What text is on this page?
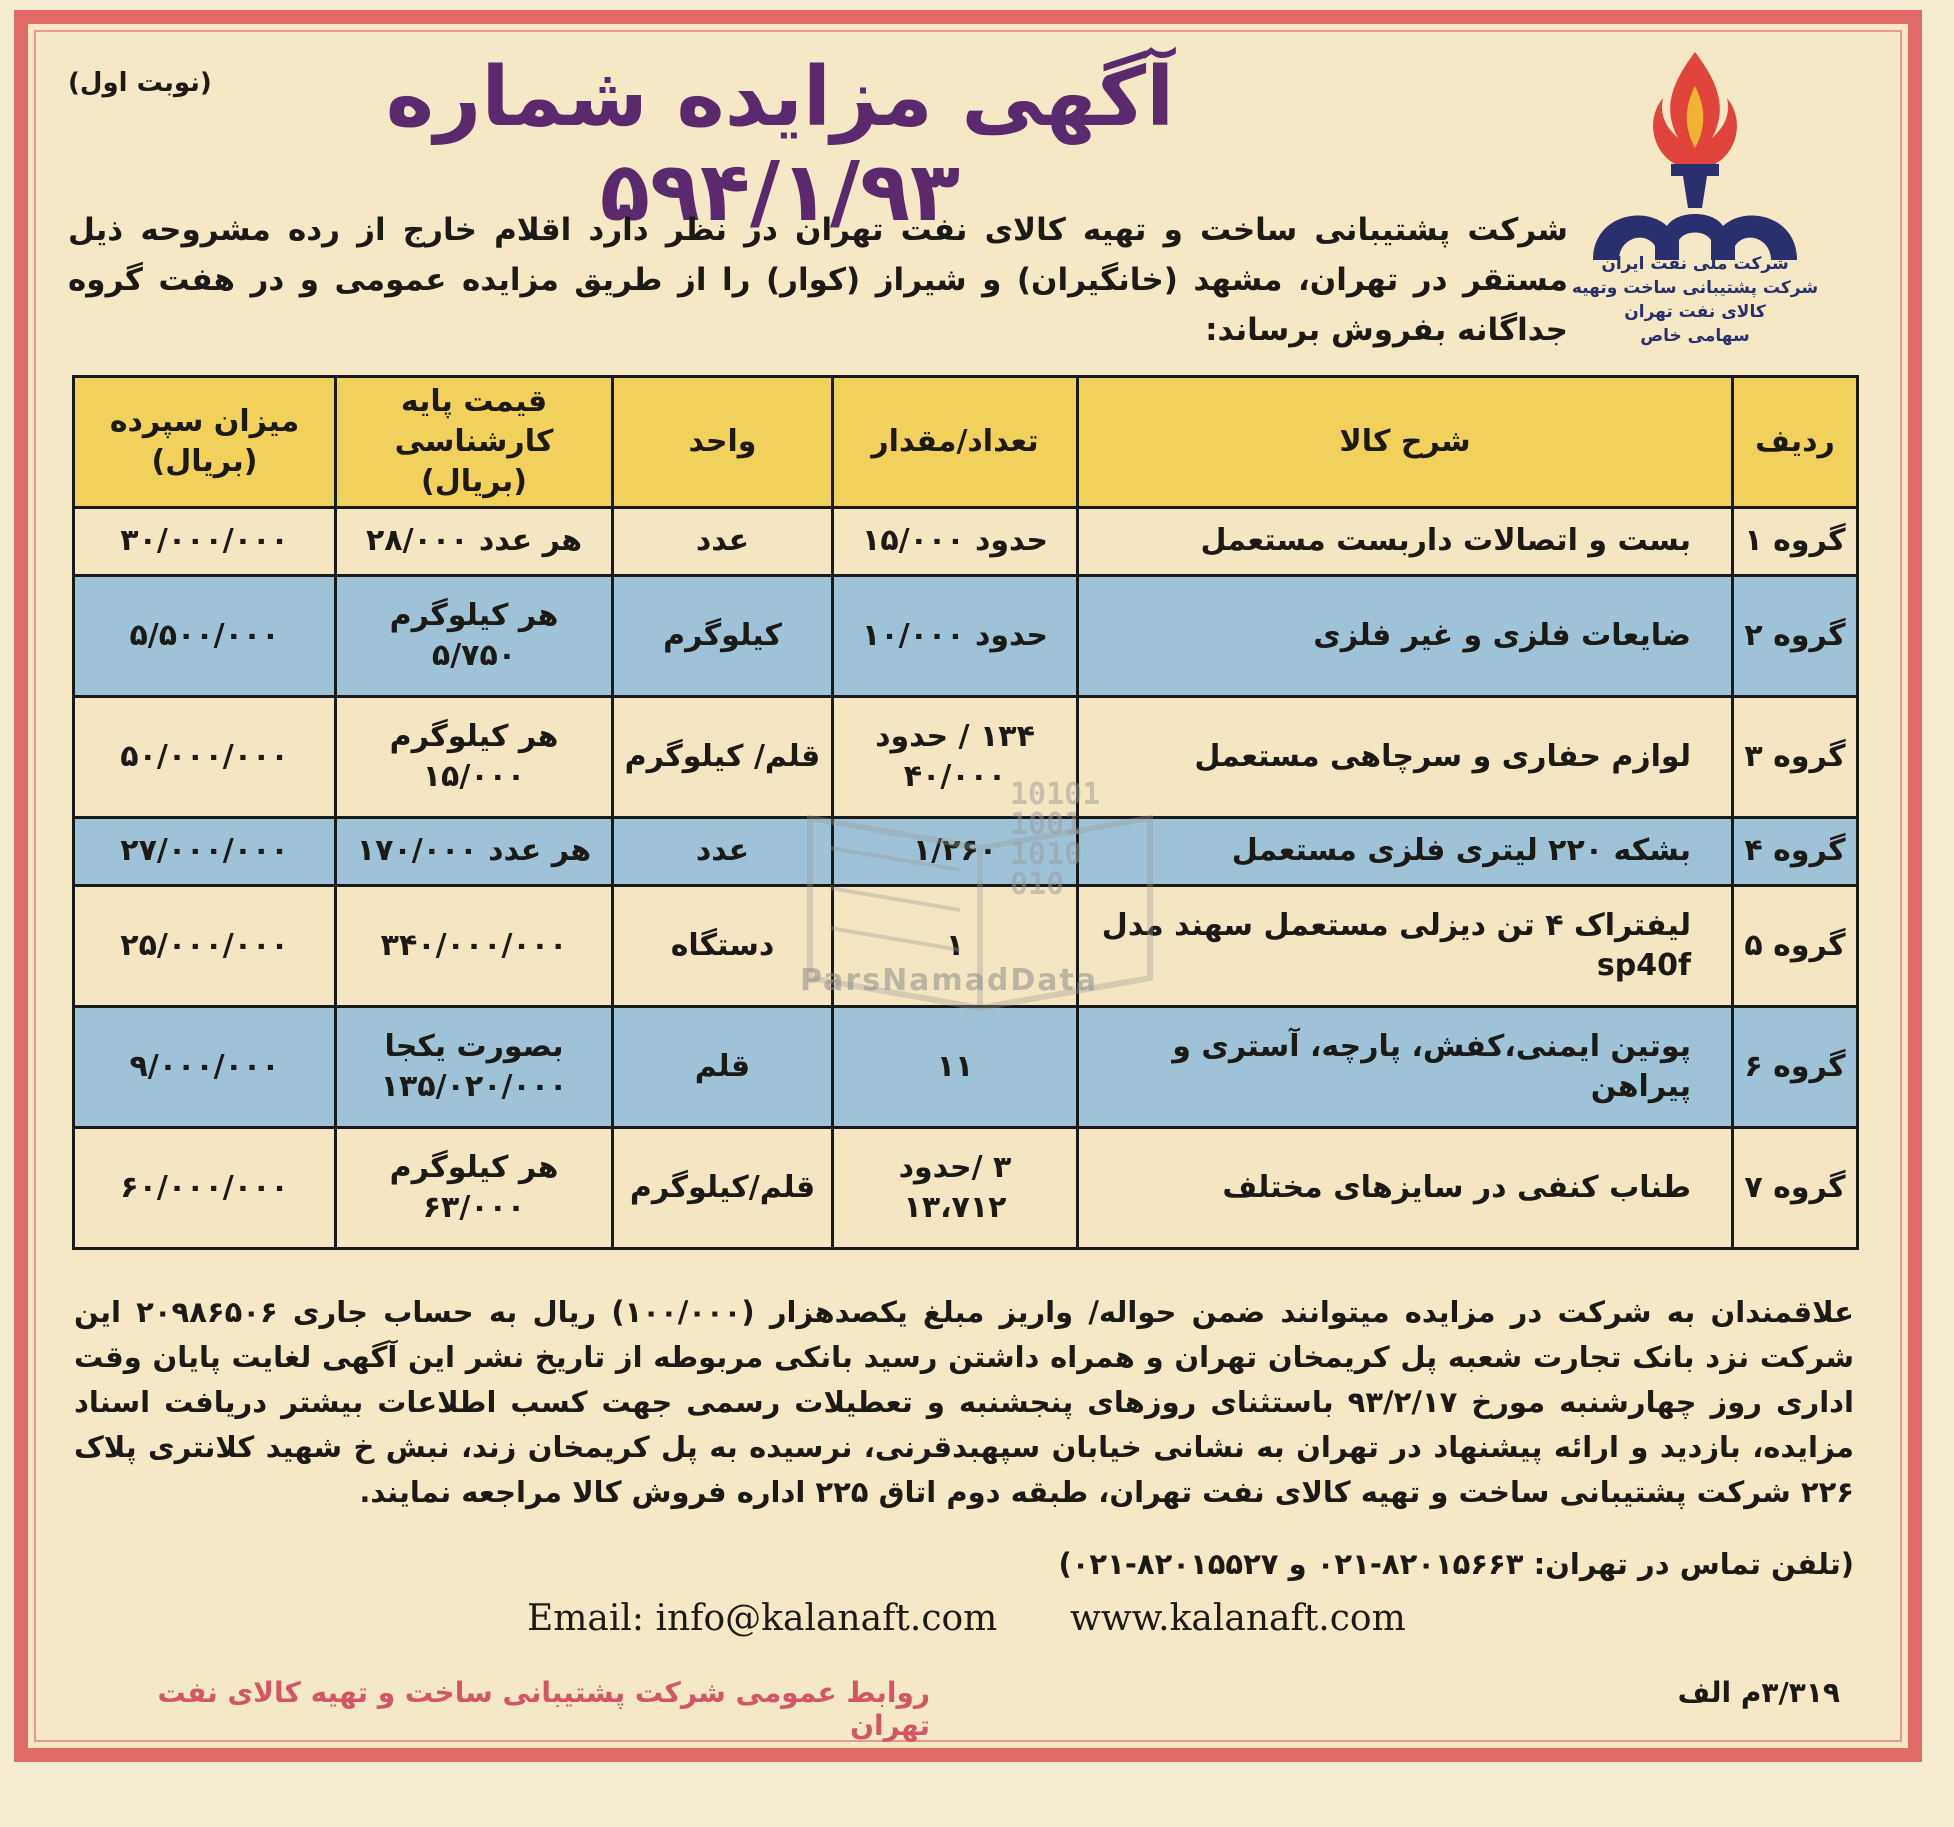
(نوبت اول)	آگهی مزایده شماره ۵۹۴/۱/۹۳
شرکت ملی نفت ایران
شرکت پشتیبانی ساخت وتهیه
کالای نفت تهران
سهامی خاص
شرکت پشتیبانی ساخت و تهیه کالای نفت تهران در نظر دارد اقلام خارج از رده مشروحه ذیل مستقر در تهران، مشهد (خانگیران) و شیراز (کوار) را از طریق مزایده عمومی و در هفت گروه جداگانه بفروش برساند:
ردیف	شرح کالا	تعداد/مقدار	واحد	قیمت پایه کارشناسی (بریال)	میزان سپرده (بریال)
گروه ۱	بست و اتصالات داربست مستعمل	حدود ۱۵/۰۰۰	عدد	هر عدد ۲۸/۰۰۰	۳۰/۰۰۰/۰۰۰
گروه ۲	ضایعات فلزی و غیر فلزی	حدود ۱۰/۰۰۰	کیلوگرم	هر کیلوگرم ۵/۷۵۰	۵/۵۰۰/۰۰۰
گروه ۳	لوازم حفاری و سرچاهی مستعمل	۱۳۴ / حدود ۴۰/۰۰۰	قلم/ کیلوگرم	هر کیلوگرم ۱۵/۰۰۰	۵۰/۰۰۰/۰۰۰
گروه ۴	بشکه ۲۲۰ لیتری فلزی مستعمل	۱/۲۶۰	عدد	هر عدد ۱۷۰/۰۰۰	۲۷/۰۰۰/۰۰۰
گروه ۵	لیفتراک ۴ تن دیزلی مستعمل سهند مدل sp40f	۱	دستگاه	۳۴۰/۰۰۰/۰۰۰	۲۵/۰۰۰/۰۰۰
گروه ۶	پوتین ایمنی،کفش، پارچه، آستری و پیراهن	۱۱	قلم	بصورت یکجا ۱۳۵/۰۲۰/۰۰۰	۹/۰۰۰/۰۰۰
گروه ۷	طناب کنفی در سایزهای مختلف	۳ /حدود ۱۳،۷۱۲	قلم/کیلوگرم	هر کیلوگرم ۶۳/۰۰۰	۶۰/۰۰۰/۰۰۰
10101
1001
1010
010
ParsNamadData
علاقمندان به شرکت در مزایده میتوانند ضمن حواله/ واریز مبلغ یکصدهزار (۱۰۰/۰۰۰) ریال به حساب جاری ۲۰۹۸۶۵۰۶ این شرکت نزد بانک تجارت شعبه پل کریمخان تهران و همراه داشتن رسید بانکی مربوطه از تاریخ نشر این آگهی لغایت پایان وقت اداری روز چهارشنبه مورخ ۹۳/۲/۱۷ باستثنای روزهای پنجشنبه و تعطیلات رسمی جهت کسب اطلاعات بیشتر دریافت اسناد مزایده، بازدید و ارائه پیشنهاد در تهران به نشانی خیابان سپهبدقرنی، نرسیده به پل کریمخان زند، نبش خ شهید کلانتری پلاک ۲۲۶ شرکت پشتیبانی ساخت و تهیه کالای نفت تهران، طبقه دوم اتاق ۲۲۵ اداره فروش کالا مراجعه نمایند.
(تلفن تماس در تهران: ۸۲۰۱۵۶۶۳-۰۲۱ و ۸۲۰۱۵۵۲۷-۰۲۱)
Email: info@kalanaft.com www.kalanaft.com
۳/۳۱۹م الف
روابط عمومی شرکت پشتیبانی ساخت و تهیه کالای نفت تهران
